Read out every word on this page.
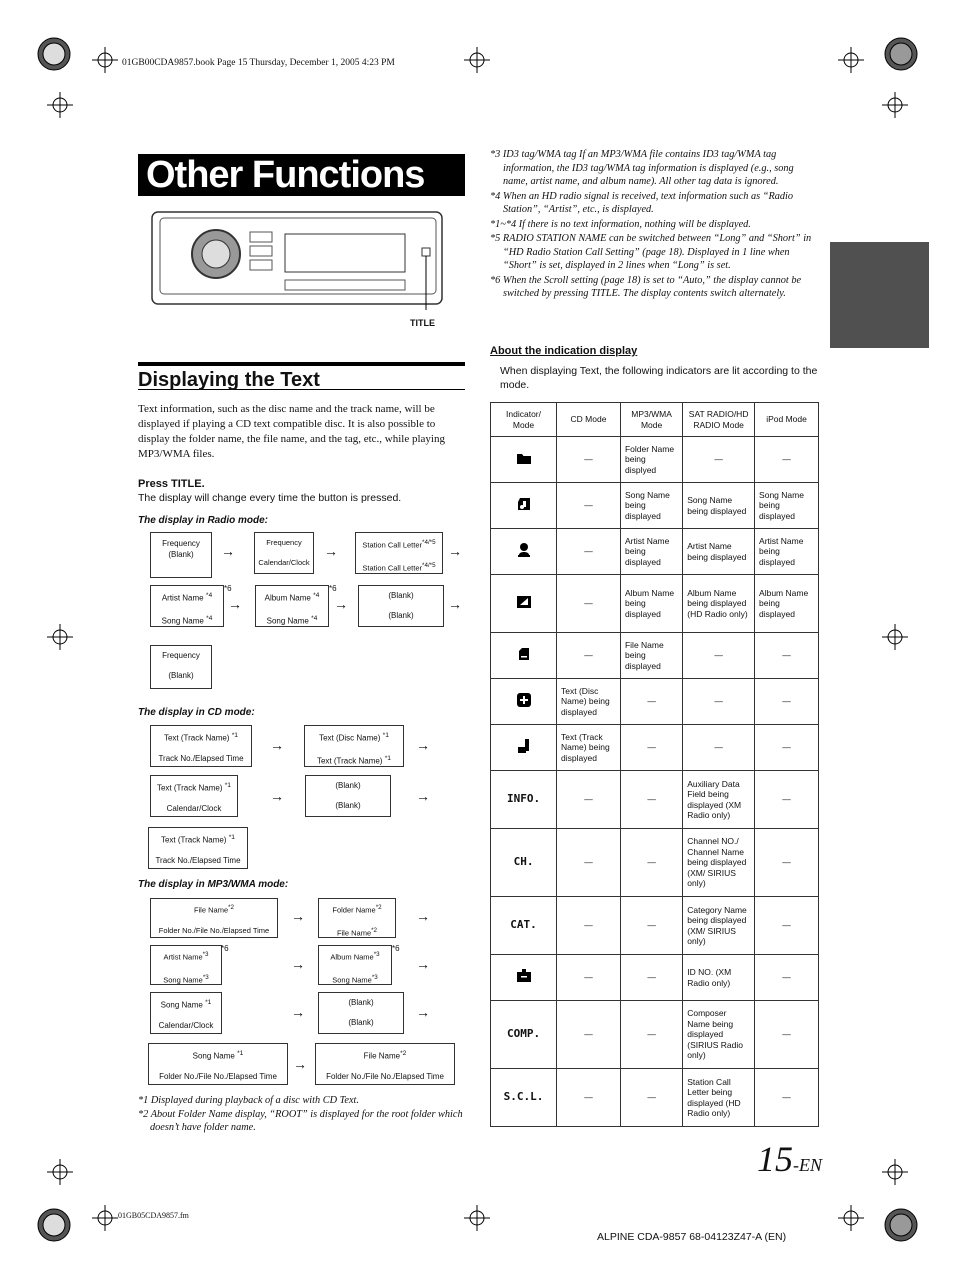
01GB00CDA9857.book Page 15 Thursday, December 1, 2005 4:23 PM
Other Functions
TITLE
Displaying the Text
Text information, such as the disc name and the track name, will be displayed if playing a CD text compatible disc. It is also possible to display the folder name, the file name, and the tag, etc., while playing MP3/WMA files.
Press TITLE.
The display will change every time the button is pressed.
The display in Radio mode:
Frequency
(Blank)	→
Frequency
Calendar/Clock
→	Station Call Letter$^{*4/*5}$
Station Call Letter$^{*4/*5}$
→
Artist Name $^{*4}$
Song Name $^{*4}$
*6
→	Album Name $^{*4}$
Song Name $^{*4}$
*6
→
(Blank)
(Blank)
→
Frequency
(Blank)
The display in CD mode:
Text (Track Name) $^{*1}$
Track No./Elapsed Time
→	Text (Disc Name) $^{*1}$
Text (Track Name) $^{*1}$
→
Text (Track Name) $^{*1}$
Calendar/Clock
→
(Blank)
(Blank)
→
Text (Track Name) $^{*1}$
Track No./Elapsed Time
The display in MP3/WMA mode:
File Name$^{*2}$
Folder No./File No./Elapsed Time
→	Folder Name$^{*2}$
File Name$^{*2}$
→
Artist Name$^{*3}$
Song Name$^{*3}$
*6
→	Album Name$^{*3}$
Song Name$^{*3}$
*6
→
Song Name $^{*1}$
Calendar/Clock
→
(Blank)
(Blank)
→
Song Name $^{*1}$
Folder No./File No./Elapsed Time
→	File Name$^{*2}$
Folder No./File No./Elapsed Time
*1 Displayed during playback of a disc with CD Text.
*2 About Folder Name display, “ROOT” is displayed for the root folder which doesn’t have folder name.
*3 ID3 tag/WMA tag If an MP3/WMA file contains ID3 tag/WMA tag information, the ID3 tag/WMA tag information is displayed (e.g., song name, artist name, and album name). All other tag data is ignored.
*4 When an HD radio signal is received, text information such as “Radio Station”, “Artist”, etc., is displayed.
*1~*4 If there is no text information, nothing will be displayed.
*5 RADIO STATION NAME can be switched between “Long” and “Short” in “HD Radio Station Call Setting” (page 18). Displayed in 1 line when “Short” is set, displayed in 2 lines when “Long” is set.
*6 When the Scroll setting (page 18) is set to “Auto,” the display cannot be switched by pressing TITLE. The display contents switch alternately.
About the indication display
When displaying Text, the following indicators are lit according to the mode.
Indicator/ Mode	CD Mode	MP3/WMA Mode	SAT RADIO/HD RADIO Mode	iPod Mode
	—	Folder Name being displyed	—	—
	—	Song Name being displayed	Song Name being displayed	Song Name being displayed
	—	Artist Name being displayed	Artist Name being displayed	Artist Name being displayed
	—	Album Name being displayed	Album Name being displayed (HD Radio only)	Album Name being displayed
	—	File Name being displayed	—	—
	Text (Disc Name) being displayed	—	—	—
	Text (Track Name) being displayed	—	—	—
INFO.	—	—	Auxiliary Data Field being displayed (XM Radio only)	—
CH.	—	—	Channel NO./ Channel Name being displayed (XM/ SIRIUS only)	—
CAT.	—	—	Category Name being displayed (XM/ SIRIUS only)	—
	—	—	ID NO. (XM Radio only)	—
COMP.	—	—	Composer Name being displayed (SIRIUS Radio only)	—
S.C.L.	—	—	Station Call Letter being displayed (HD Radio only)	—
15-EN
01GB05CDA9857.fm
ALPINE CDA-9857 68-04123Z47-A (EN)
